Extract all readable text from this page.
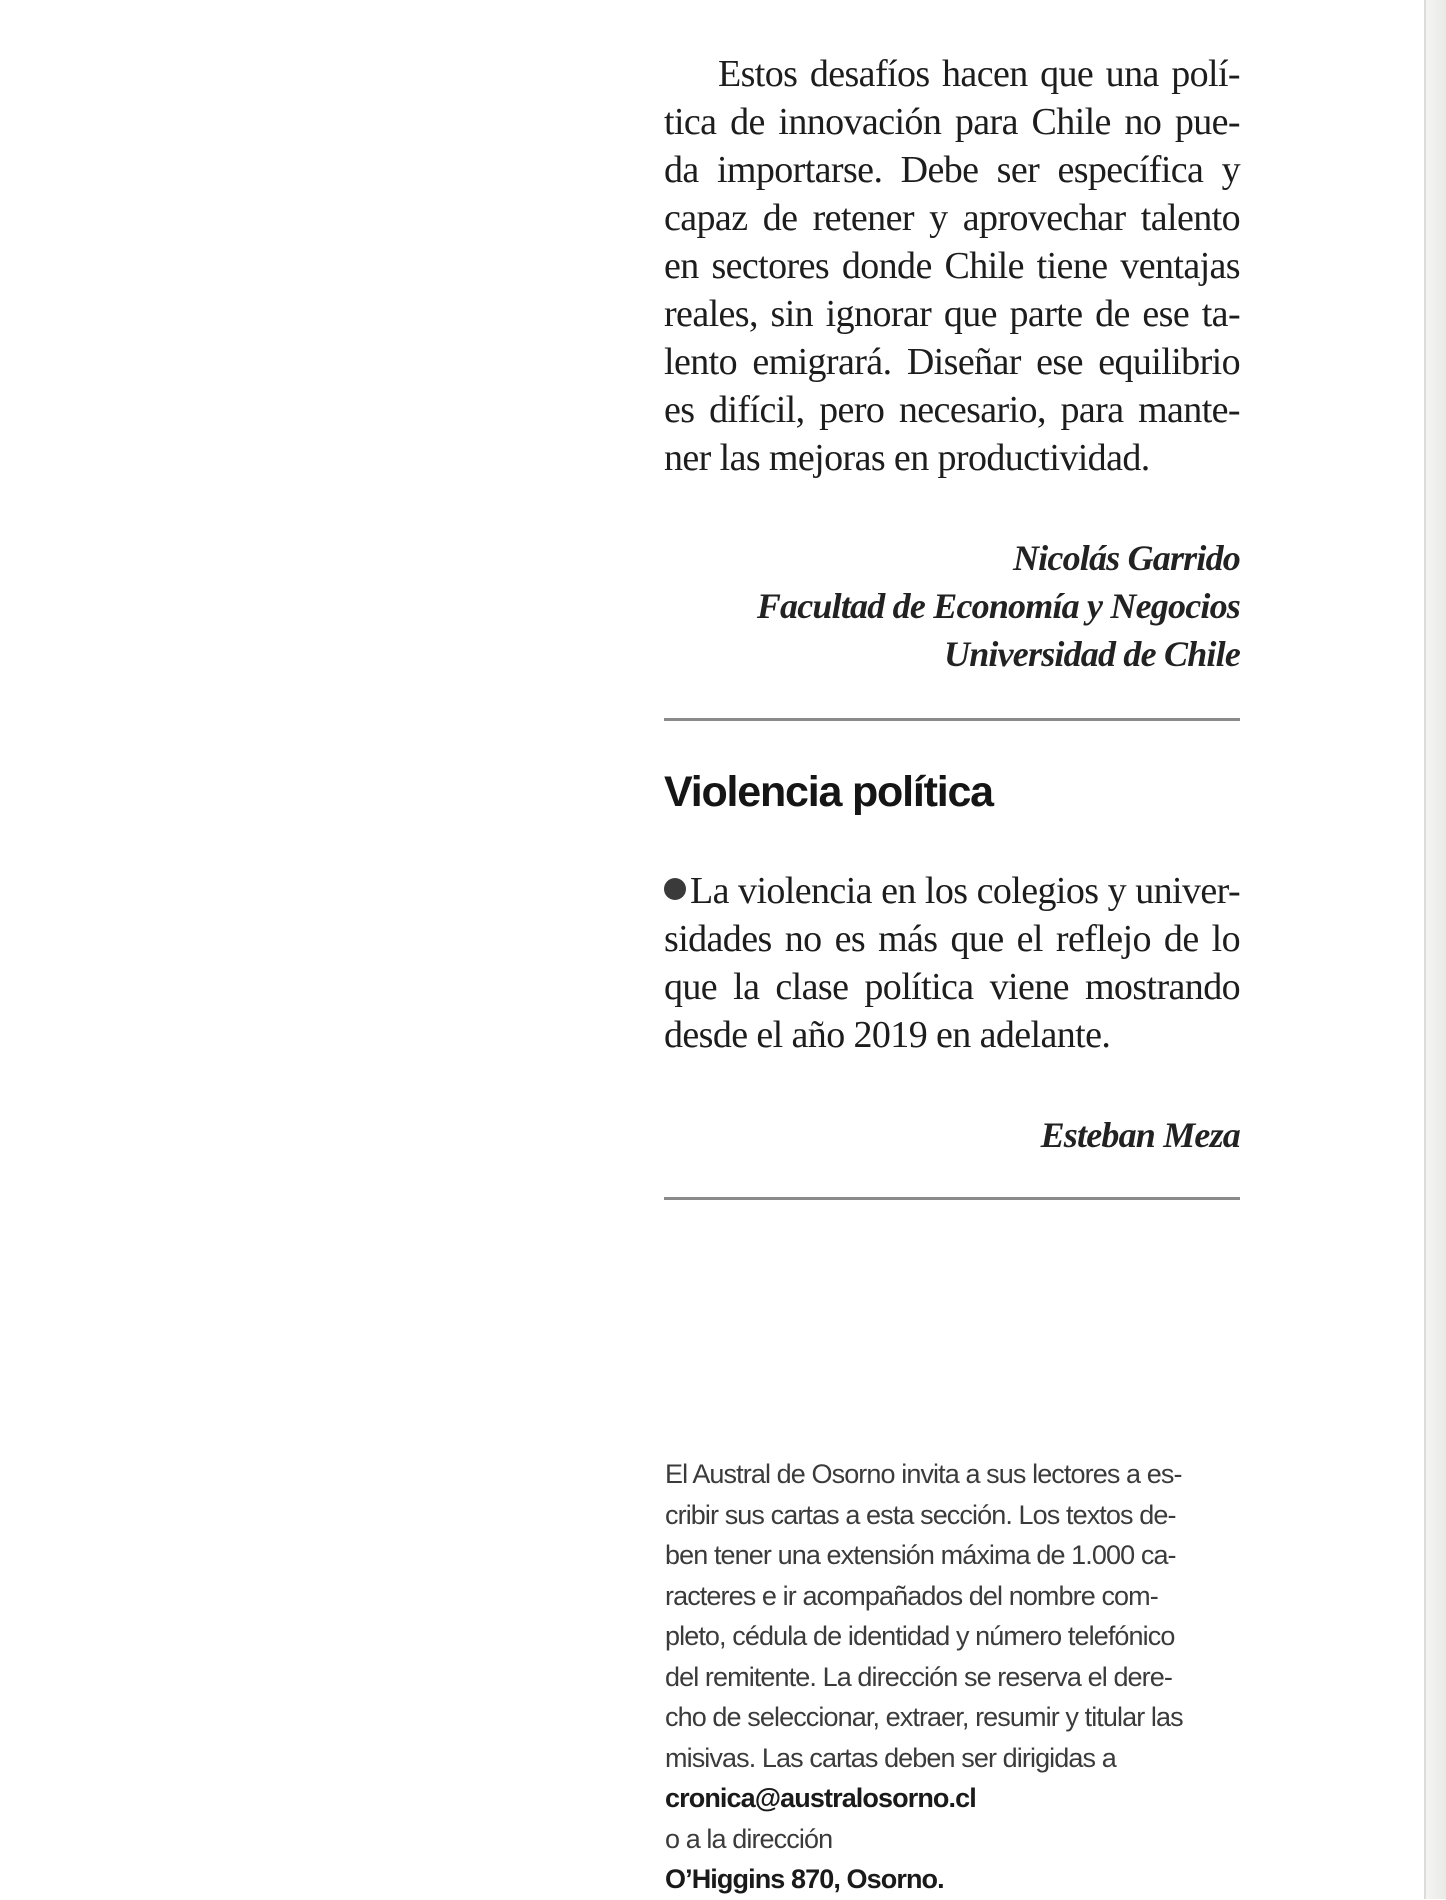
Estos desafíos hacen que una polí-
tica de innovación para Chile no pue-
da importarse. Debe ser específica y
capaz de retener y aprovechar talento
en sectores donde Chile tiene ventajas
reales, sin ignorar que parte de ese ta-
lento emigrará. Diseñar ese equilibrio
es difícil, pero necesario, para mante-
ner las mejoras en productividad.
Nicolás Garrido
Facultad de Economía y Negocios
Universidad de Chile
Violencia política
La violencia en los colegios y univer-
sidades no es más que el reflejo de lo
que la clase política viene mostrando
desde el año 2019 en adelante.
Esteban Meza
El Austral de Osorno invita a sus lectores a es-
cribir sus cartas a esta sección. Los textos de-
ben tener una extensión máxima de 1.000 ca-
racteres e ir acompañados del nombre com-
pleto, cédula de identidad y número telefónico
del remitente. La dirección se reserva el dere-
cho de seleccionar, extraer, resumir y titular las
misivas. Las cartas deben ser dirigidas a
cronica@australosorno.cl
o a la dirección
O’Higgins 870, Osorno.
